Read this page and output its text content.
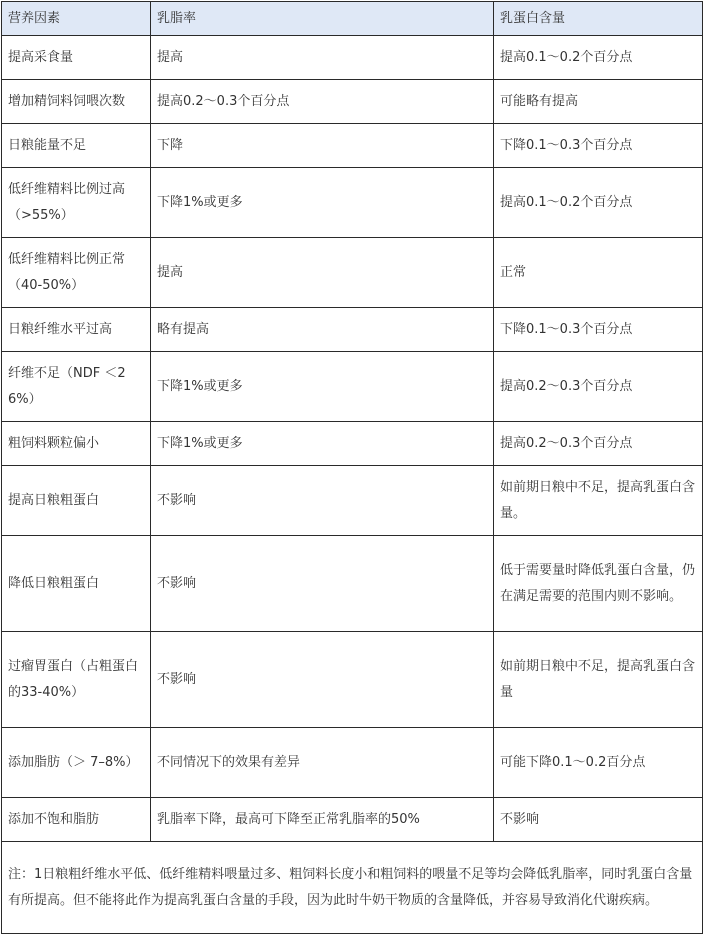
营养因素	乳脂率	乳蛋白含量
提高采食量	提高	提高0.1～0.2个百分点
增加精饲料饲喂次数	提高0.2～0.3个百分点	可能略有提高
日粮能量不足	下降	下降0.1～0.3个百分点
低纤维精料比例过高（>55%）	下降1%或更多	提高0.1～0.2个百分点
低纤维精料比例正常（40-50%）	提高	正常
日粮纤维水平过高	略有提高	下降0.1～0.3个百分点
纤维不足（NDF ＜26%）	下降1%或更多	提高0.2～0.3个百分点
粗饲料颗粒偏小	下降1%或更多	提高0.2～0.3个百分点
提高日粮粗蛋白	不影响	如前期日粮中不足，提高乳蛋白含量。
降低日粮粗蛋白	不影响	低于需要量时降低乳蛋白含量，仍在满足需要的范围内则不影响。
过瘤胃蛋白（占粗蛋白的33-40%）	不影响	如前期日粮中不足，提高乳蛋白含量
添加脂肪（＞ 7–8%）	不同情况下的效果有差异	可能下降0.1～0.2百分点
添加不饱和脂肪	乳脂率下降，最高可下降至正常乳脂率的50%	不影响
注：1日粮粗纤维水平低、低纤维精料喂量过多、粗饲料长度小和粗饲料的喂量不足等均会降低乳脂率，同时乳蛋白含量有所提高。但不能将此作为提高乳蛋白含量的手段，因为此时牛奶干物质的含量降低，并容易导致消化代谢疾病。		
